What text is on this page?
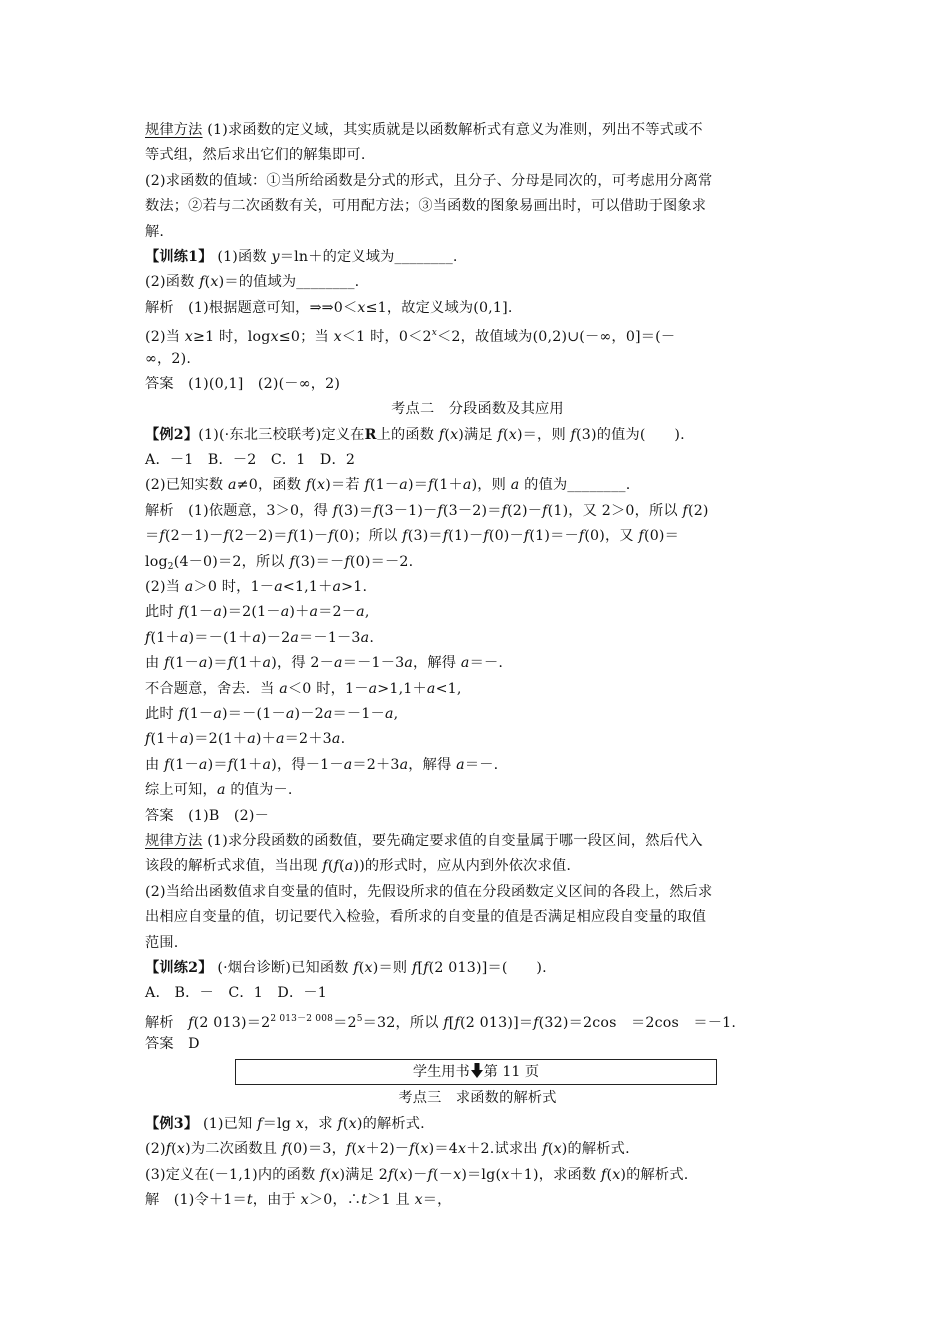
规律方法 (1)求函数的定义域，其实质就是以函数解析式有意义为准则，列出不等式或不
等式组，然后求出它们的解集即可.
(2)求函数的值域：①当所给函数是分式的形式，且分子、分母是同次的，可考虑用分离常
数法；②若与二次函数有关，可用配方法；③当函数的图象易画出时，可以借助于图象求
解.
【训练1】 (1)函数 y＝ln＋的定义域为________.
(2)函数 f(x)＝的值域为________.
解析　(1)根据题意可知，⇒⇒0＜x≤1，故定义域为(0,1].
(2)当 x≥1 时，logx≤0；当 x＜1 时，$0<2^x<2$，故值域为(0,2)∪(－∞，0]＝(－
∞，2).
答案　(1)(0,1]　(2)(－∞，2)
考点二　分段函数及其应用
【例2】(1)(·东北三校联考)定义在R上的函数 f(x)满足 f(x)＝，则 f(3)的值为(　　).
A．－1　B．－2　C．1　D．2
(2)已知实数 a≠0，函数 f(x)＝若 f(1－a)＝f(1＋a)，则 a 的值为________.
解析　(1)依题意，3＞0，得 f(3)＝f(3－1)－f(3－2)＝f(2)－f(1)，又 2＞0，所以 f(2)
＝f(2－1)－f(2－2)＝f(1)－f(0)；所以 f(3)＝f(1)－f(0)－f(1)＝－f(0)，又 f(0)＝
$\log_2(4-0)=2$，所以 f(3)＝－f(0)＝－2.
(2)当 a＞0 时，1－a<1,1＋a>1.
此时 f(1－a)＝2(1－a)＋a＝2－a,
f(1＋a)＝－(1＋a)－2a＝－1－3a.
由 f(1－a)＝f(1＋a)，得 2－a＝－1－3a，解得 a＝－.
不合题意，舍去．当 a＜0 时，1－a>1,1＋a<1,
此时 f(1－a)＝－(1－a)－2a＝－1－a,
f(1＋a)＝2(1＋a)＋a＝2＋3a.
由 f(1－a)＝f(1＋a)，得－1－a＝2＋3a，解得 a＝－.
综上可知，a 的值为－.
答案　(1)B　(2)－
规律方法 (1)求分段函数的函数值，要先确定要求值的自变量属于哪一段区间，然后代入
该段的解析式求值，当出现 f(f(a))的形式时，应从内到外依次求值.
(2)当给出函数值求自变量的值时，先假设所求的值在分段函数定义区间的各段上，然后求
出相应自变量的值，切记要代入检验，看所求的自变量的值是否满足相应段自变量的取值
范围.
【训练2】 (·烟台诊断)已知函数 f(x)＝则 f[f(2 013)]＝(　　).
A.　B．－　C．1　D．－1
解析　f(2 $013)=2^{2 013-2 008}=2^5=32$，所以 f[f(2 013)]＝f(32)＝2cos　＝2cos　＝－1.
答案　D
学生用书 第 11 页
考点三　求函数的解析式
【例3】 (1)已知 f＝lg x，求 f(x)的解析式.
(2)f(x)为二次函数且 f(0)＝3，f(x＋2)－f(x)＝4x＋2.试求出 f(x)的解析式.
(3)定义在(－1,1)内的函数 f(x)满足 2f(x)－f(－x)＝lg(x＋1)，求函数 f(x)的解析式.
解　(1)令＋1＝t，由于 x＞0，∴t＞1 且 x＝，
